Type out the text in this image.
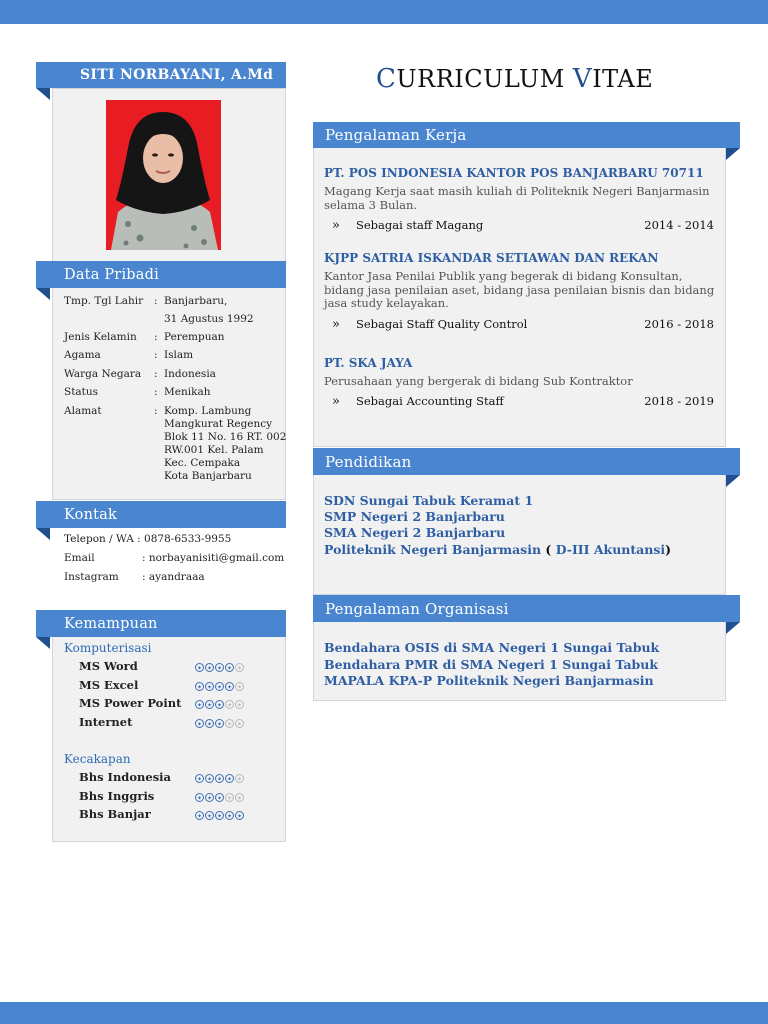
SITI NORBAYANI, A.Md
Data Pribadi
Tmp. Tgl Lahir	: Banjarbaru,
31 Agustus 1992
Jenis Kelamin	: Perempuan
Agama	: Islam
Warga Negara	: Indonesia
Status	: Menikah
Alamat	: Komp. Lambung
Mangkurat Regency
Blok 11 No. 16 RT. 002
RW.001 Kel. Palam
Kec. Cempaka
Kota Banjarbaru
Kontak
Telepon / WA : 0878-6533-9955
Email	: norbayanisiti@gmail.com
Instagram : ayandraaa
Kemampuan
Komputerisasi
MS Word	✦ ✦ ✦ ✦ ✦
MS Excel	✦ ✦ ✦ ✦ ✦
MS Power Point	✦ ✦ ✦ ✦ ✦
Internet	✦ ✦ ✦ ✦ ✦
Kecakapan
Bhs Indonesia	✦ ✦ ✦ ✦ ✦
Bhs Inggris	✦ ✦ ✦ ✦ ✦
Bhs Banjar	✦ ✦ ✦ ✦ ✦
CURRICULUM VITAE
Pengalaman Kerja
PT. POS INDONESIA KANTOR POS BANJARBARU 70711
Magang Kerja saat masih kuliah di Politeknik Negeri Banjarmasin selama 3 Bulan.
» Sebagai staff Magang	2014 - 2014
KJPP SATRIA ISKANDAR SETIAWAN DAN REKAN
Kantor Jasa Penilai Publik yang begerak di bidang Konsultan, bidang jasa penilaian aset, bidang jasa penilaian bisnis dan bidang jasa study kelayakan.
» Sebagai Staff Quality Control	2016 - 2018
PT. SKA JAYA
Perusahaan yang bergerak di bidang Sub Kontraktor
» Sebagai Accounting Staff	2018 - 2019
Pendidikan
SDN Sungai Tabuk Keramat 1
SMP Negeri 2 Banjarbaru
SMA Negeri 2 Banjarbaru
Politeknik Negeri Banjarmasin ( D-III Akuntansi)
Pengalaman Organisasi
Bendahara OSIS di SMA Negeri 1 Sungai Tabuk
Bendahara PMR di SMA Negeri 1 Sungai Tabuk
MAPALA KPA-P Politeknik Negeri Banjarmasin
